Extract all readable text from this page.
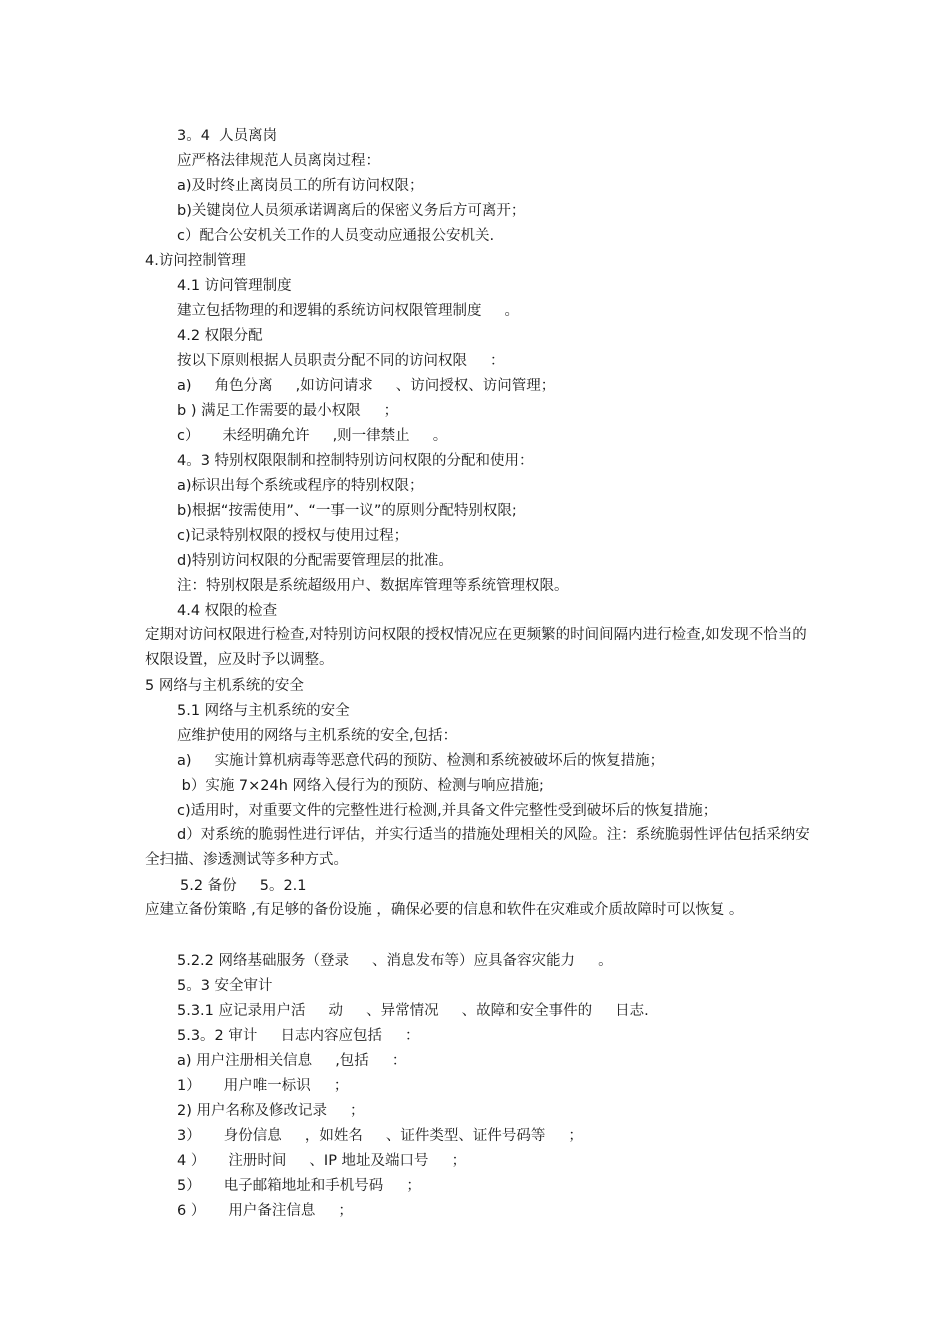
3。4  人员离岗
应严格法律规范人员离岗过程：
a)及时终止离岗员工的所有访问权限；
b)关键岗位人员须承诺调离后的保密义务后方可离开；
c）配合公安机关工作的人员变动应通报公安机关.
4.访问控制管理
4.1 访问管理制度
建立包括物理的和逻辑的系统访问权限管理制度     。
4.2 权限分配
按以下原则根据人员职责分配不同的访问权限     ：
a)     角色分离     ,如访问请求     、访问授权、访问管理；
b ) 满足工作需要的最小权限     ；
c）     未经明确允许     ,则一律禁止     。
4。3 特别权限限制和控制特别访问权限的分配和使用：
a)标识出每个系统或程序的特别权限；
b)根据“按需使用”、“一事一议”的原则分配特别权限;
c)记录特别权限的授权与使用过程；
d)特别访问权限的分配需要管理层的批准。
注：特别权限是系统超级用户、数据库管理等系统管理权限。
4.4 权限的检查
定期对访问权限进行检查,对特别访问权限的授权情况应在更频繁的时间间隔内进行检查,如发现不恰当的权限设置，应及时予以调整。
5 网络与主机系统的安全
5.1 网络与主机系统的安全
应维护使用的网络与主机系统的安全,包括：
a)     实施计算机病毒等恶意代码的预防、检测和系统被破坏后的恢复措施；
b）实施 7×24h 网络入侵行为的预防、检测与响应措施;
c)适用时，对重要文件的完整性进行检测,并具备文件完整性受到破坏后的恢复措施；
d）对系统的脆弱性进行评估，并实行适当的措施处理相关的风险。注：系统脆弱性评估包括采纳安全扫描、渗透测试等多种方式。
5.2 备份     5。2.1
应建立备份策略 ,有足够的备份设施 ，确保必要的信息和软件在灾难或介质故障时可以恢复 。
5.2.2 网络基础服务（登录     、消息发布等）应具备容灾能力     。
5。3 安全审计
5.3.1 应记录用户活     动     、异常情况     、故障和安全事件的     日志.
5.3。2 审计     日志内容应包括     ：
a) 用户注册相关信息     ,包括     ：
1）     用户唯一标识     ；
2) 用户名称及修改记录     ；
3）     身份信息     ，如姓名     、证件类型、证件号码等     ；
4 ）     注册时间     、IP 地址及端口号     ；
5）     电子邮箱地址和手机号码     ；
6 ）     用户备注信息     ；
